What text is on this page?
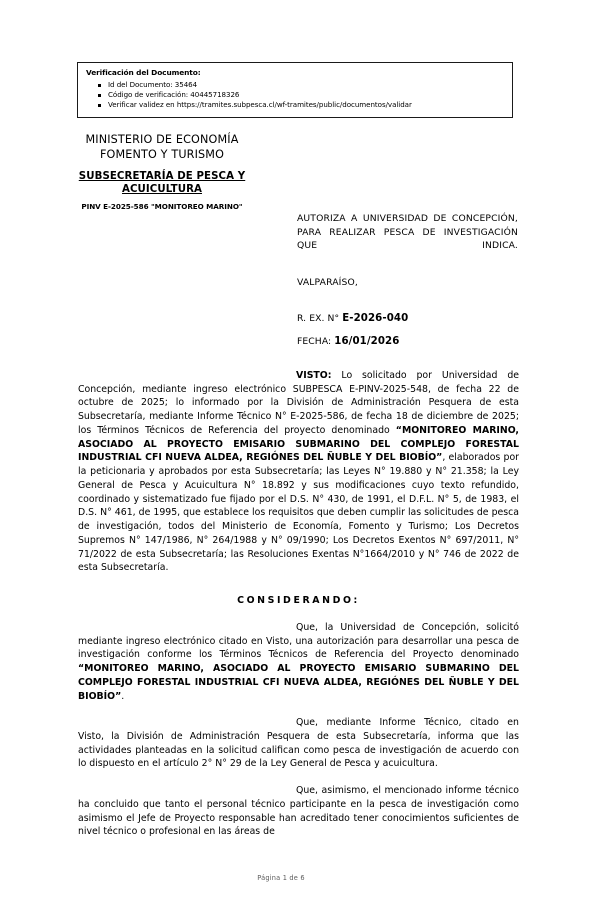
Verificación del Documento:
Id del Documento: 35464
Código de verificación: 40445718326
Verificar validez en https://tramites.subpesca.cl/wf-tramites/public/documentos/validar
MINISTERIO DE ECONOMÍA
FOMENTO Y TURISMO
SUBSECRETARÍA DE PESCA Y
ACUICULTURA
PINV E-2025-586 "MONITOREO MARINO"
AUTORIZA A UNIVERSIDAD DE CONCEPCIÓN, PARA REALIZAR PESCA DE INVESTIGACIÓN QUE INDICA.
VALPARAÍSO,
R. EX. N° E-2026-040
FECHA: 16/01/2026

VISTO: Lo solicitado por Universidad de Concepción, mediante ingreso electrónico SUBPESCA E-PINV-2025-548, de fecha 22 de octubre de 2025; lo informado por la División de Administración Pesquera de esta Subsecretaría, mediante Informe Técnico N° E-2025-586, de fecha 18 de diciembre de 2025; los Términos Técnicos de Referencia del proyecto denominado “MONITOREO MARINO, ASOCIADO AL PROYECTO EMISARIO SUBMARINO DEL COMPLEJO FORESTAL INDUSTRIAL CFI NUEVA ALDEA, REGIÓNES DEL ÑUBLE Y DEL BIOBÍO”, elaborados por la peticionaria y aprobados por esta Subsecretaría; las Leyes N° 19.880 y N° 21.358; la Ley General de Pesca y Acuicultura N° 18.892 y sus modificaciones cuyo texto refundido, coordinado y sistematizado fue fijado por el D.S. N° 430, de 1991, el D.F.L. N° 5, de 1983, el D.S. N° 461, de 1995, que establece los requisitos que deben cumplir las solicitudes de pesca de investigación, todos del Ministerio de Economía, Fomento y Turismo; Los Decretos Supremos N° 147/1986, N° 264/1988 y N° 09/1990; Los Decretos Exentos N° 697/2011, N° 71/2022 de esta Subsecretaría; las Resoluciones Exentas N°1664/2010 y N° 746 de 2022 de esta Subsecretaría.

CONSIDERANDO:

Que, la Universidad de Concepción, solicitó mediante ingreso electrónico citado en Visto, una autorización para desarrollar una pesca de investigación conforme los Términos Técnicos de Referencia del Proyecto denominado “MONITOREO MARINO, ASOCIADO AL PROYECTO EMISARIO SUBMARINO DEL COMPLEJO FORESTAL INDUSTRIAL CFI NUEVA ALDEA, REGIÓNES DEL ÑUBLE Y DEL BIOBÍO”.

Que, mediante Informe Técnico, citado en Visto, la División de Administración Pesquera de esta Subsecretaría, informa que las actividades planteadas en la solicitud califican como pesca de investigación de acuerdo con lo dispuesto en el artículo 2° N° 29 de la Ley General de Pesca y acuicultura.

Que, asimismo, el mencionado informe técnico ha concluido que tanto el personal técnico participante en la pesca de investigación como asimismo el Jefe de Proyecto responsable han acreditado tener conocimientos suficientes de nivel técnico o profesional en las áreas de

Página 1 de 6
